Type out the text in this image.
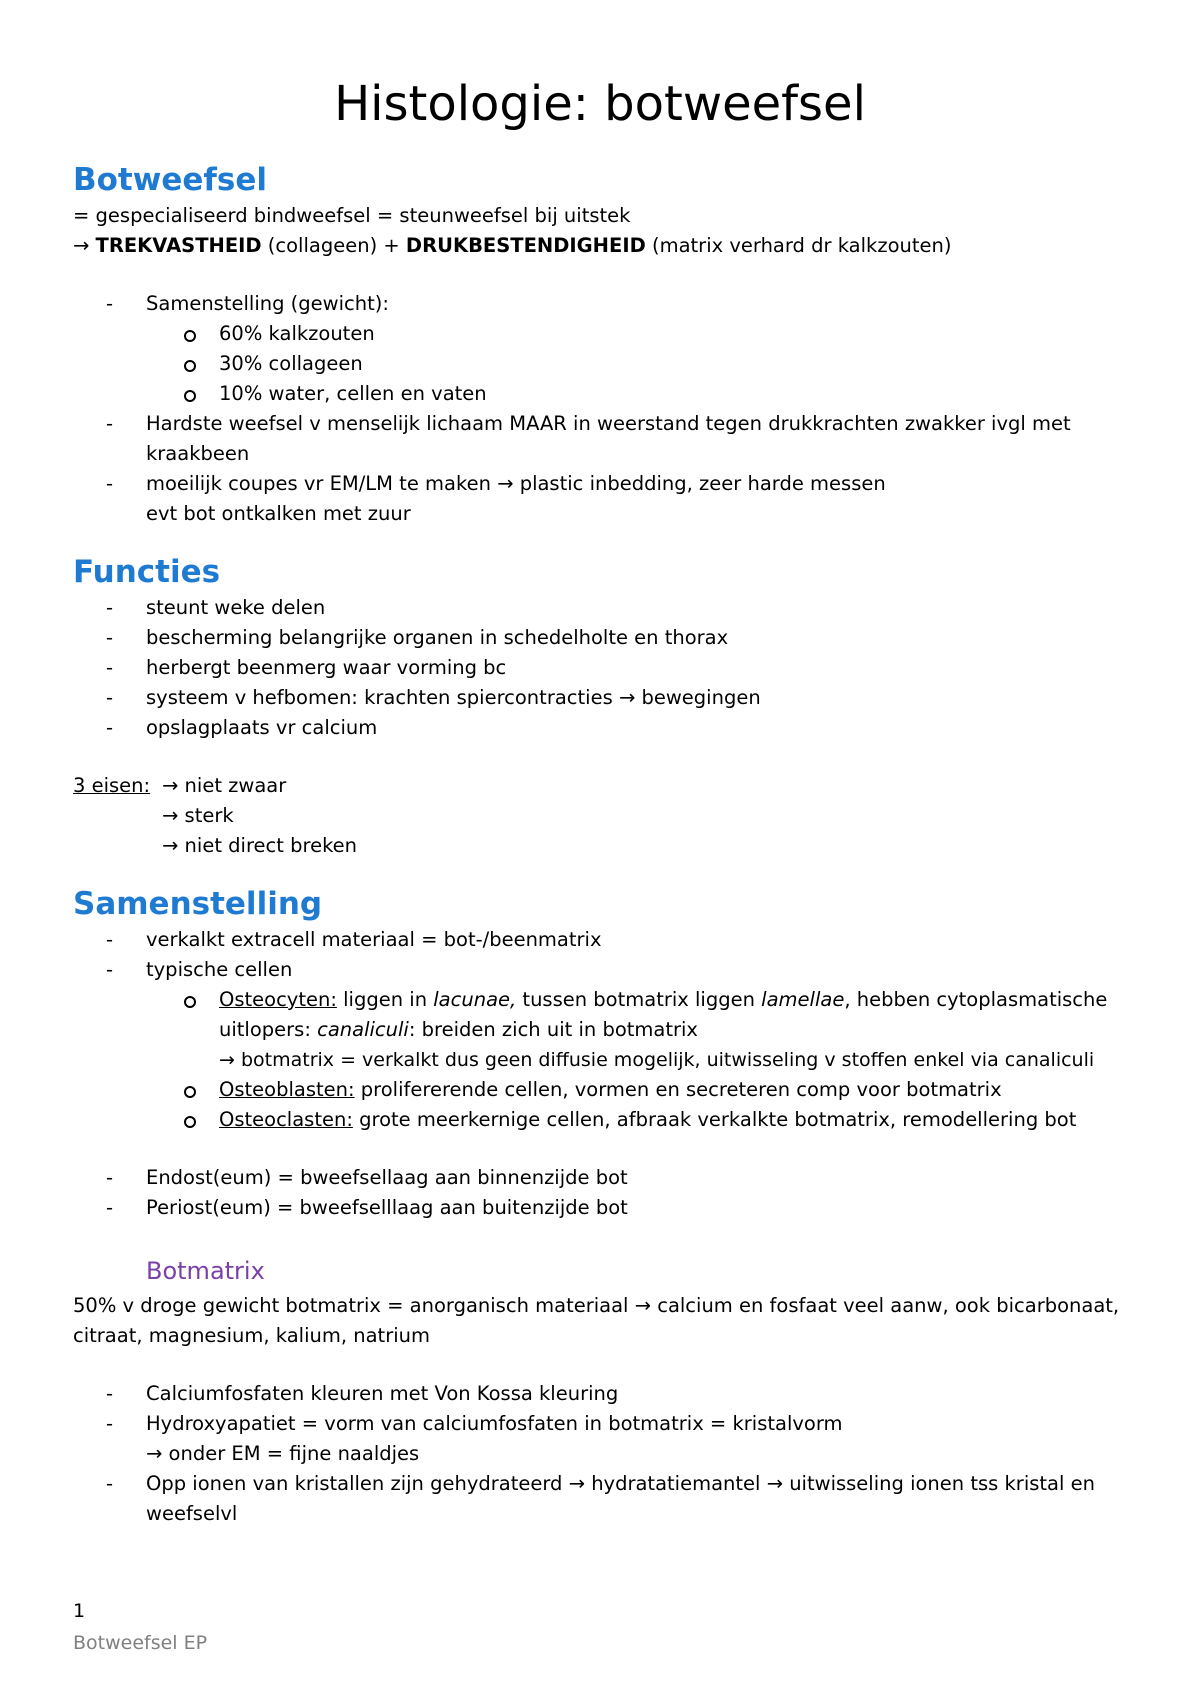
Histologie: botweefsel
Botweefsel
= gespecialiseerd bindweefsel = steunweefsel bij uitstek
→ TREKVASTHEID (collageen) + DRUKBESTENDIGHEID (matrix verhard dr kalkzouten)
- Samenstelling (gewicht):
60% kalkzouten
30% collageen
10% water, cellen en vaten
- Hardste weefsel v menselijk lichaam MAAR in weerstand tegen drukkrachten zwakker ivgl met
kraakbeen
- moeilijk coupes vr EM/LM te maken → plastic inbedding, zeer harde messen
evt bot ontkalken met zuur
Functies
- steunt weke delen
- bescherming belangrijke organen in schedelholte en thorax
- herbergt beenmerg waar vorming bc
- systeem v hefbomen: krachten spiercontracties → bewegingen
- opslagplaats vr calcium
3 eisen: → niet zwaar
→ sterk
→ niet direct breken
Samenstelling
- verkalkt extracell materiaal = bot-/beenmatrix
- typische cellen
Osteocyten: liggen in lacunae, tussen botmatrix liggen lamellae, hebben cytoplasmatische
uitlopers: canaliculi: breiden zich uit in botmatrix
→ botmatrix = verkalkt dus geen diffusie mogelijk, uitwisseling v stoffen enkel via canaliculi
Osteoblasten: prolifererende cellen, vormen en secreteren comp voor botmatrix
Osteoclasten: grote meerkernige cellen, afbraak verkalkte botmatrix, remodellering bot
- Endost(eum) = bweefsellaag aan binnenzijde bot
- Periost(eum) = bweefselllaag aan buitenzijde bot
Botmatrix
50% v droge gewicht botmatrix = anorganisch materiaal → calcium en fosfaat veel aanw, ook bicarbonaat,
citraat, magnesium, kalium, natrium
- Calciumfosfaten kleuren met Von Kossa kleuring
- Hydroxyapatiet = vorm van calciumfosfaten in botmatrix = kristalvorm
→ onder EM = fijne naaldjes
- Opp ionen van kristallen zijn gehydrateerd → hydratatiemantel → uitwisseling ionen tss kristal en
weefselvl
1
Botweefsel EP
